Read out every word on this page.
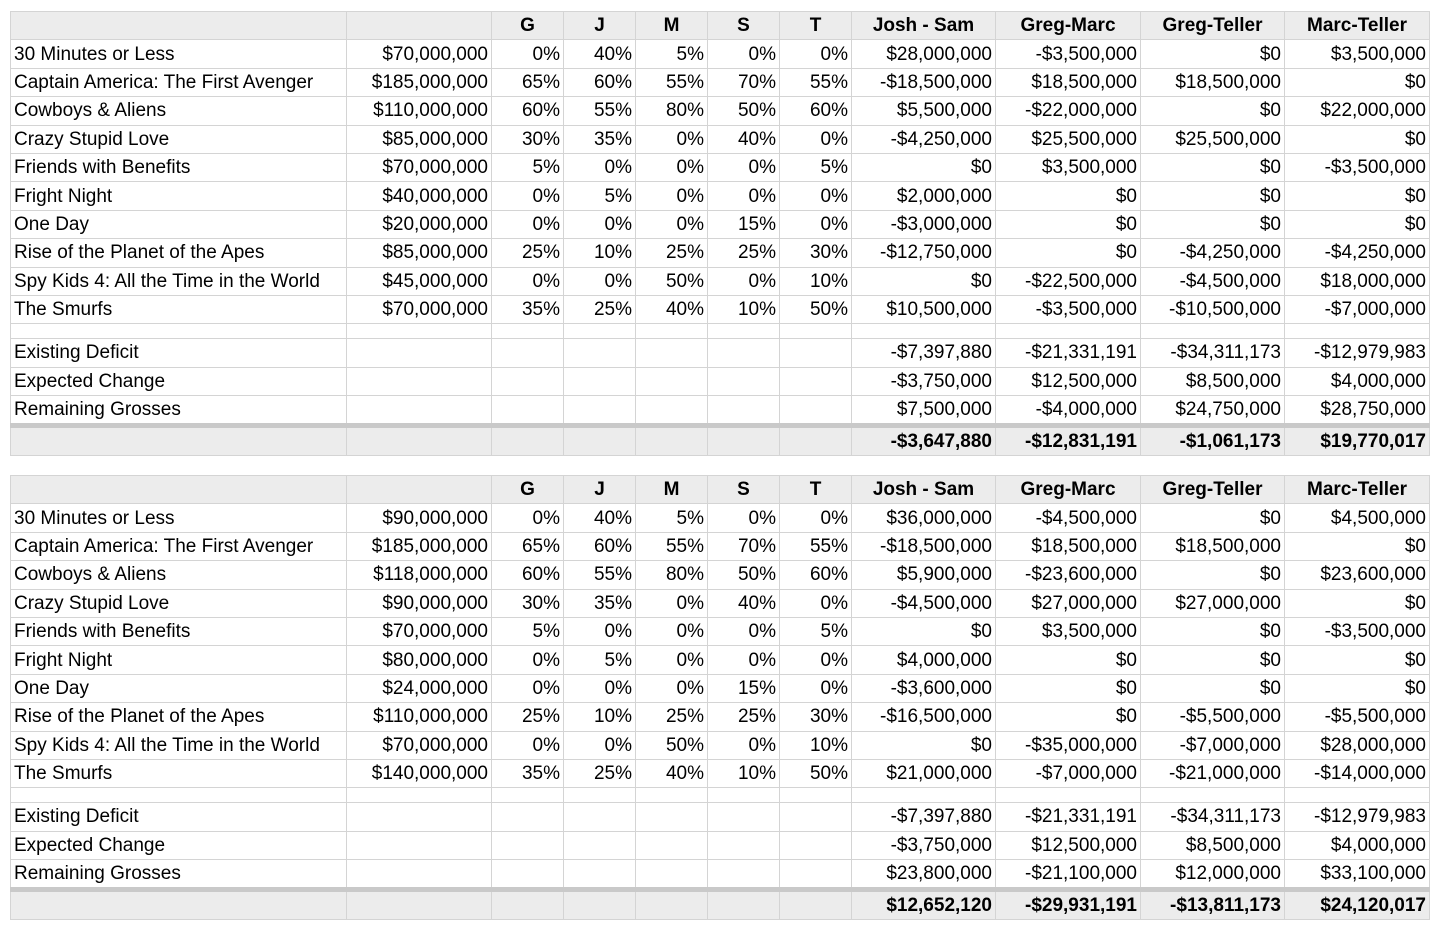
		G	J	M	S	T	Josh - Sam	Greg-Marc	Greg-Teller	Marc-Teller
30 Minutes or Less	$70,000,000	0%	40%	5%	0%	0%	$28,000,000	-$3,500,000	$0	$3,500,000
Captain America: The First Avenger	$185,000,000	65%	60%	55%	70%	55%	-$18,500,000	$18,500,000	$18,500,000	$0
Cowboys & Aliens	$110,000,000	60%	55%	80%	50%	60%	$5,500,000	-$22,000,000	$0	$22,000,000
Crazy Stupid Love	$85,000,000	30%	35%	0%	40%	0%	-$4,250,000	$25,500,000	$25,500,000	$0
Friends with Benefits	$70,000,000	5%	0%	0%	0%	5%	$0	$3,500,000	$0	-$3,500,000
Fright Night	$40,000,000	0%	5%	0%	0%	0%	$2,000,000	$0	$0	$0
One Day	$20,000,000	0%	0%	0%	15%	0%	-$3,000,000	$0	$0	$0
Rise of the Planet of the Apes	$85,000,000	25%	10%	25%	25%	30%	-$12,750,000	$0	-$4,250,000	-$4,250,000
Spy Kids 4: All the Time in the World	$45,000,000	0%	0%	50%	0%	10%	$0	-$22,500,000	-$4,500,000	$18,000,000
The Smurfs	$70,000,000	35%	25%	40%	10%	50%	$10,500,000	-$3,500,000	-$10,500,000	-$7,000,000

Existing Deficit							-$7,397,880	-$21,331,191	-$34,311,173	-$12,979,983
Expected Change							-$3,750,000	$12,500,000	$8,500,000	$4,000,000
Remaining Grosses							$7,500,000	-$4,000,000	$24,750,000	$28,750,000
							-$3,647,880	-$12,831,191	-$1,061,173	$19,770,017
		G	J	M	S	T	Josh - Sam	Greg-Marc	Greg-Teller	Marc-Teller
30 Minutes or Less	$90,000,000	0%	40%	5%	0%	0%	$36,000,000	-$4,500,000	$0	$4,500,000
Captain America: The First Avenger	$185,000,000	65%	60%	55%	70%	55%	-$18,500,000	$18,500,000	$18,500,000	$0
Cowboys & Aliens	$118,000,000	60%	55%	80%	50%	60%	$5,900,000	-$23,600,000	$0	$23,600,000
Crazy Stupid Love	$90,000,000	30%	35%	0%	40%	0%	-$4,500,000	$27,000,000	$27,000,000	$0
Friends with Benefits	$70,000,000	5%	0%	0%	0%	5%	$0	$3,500,000	$0	-$3,500,000
Fright Night	$80,000,000	0%	5%	0%	0%	0%	$4,000,000	$0	$0	$0
One Day	$24,000,000	0%	0%	0%	15%	0%	-$3,600,000	$0	$0	$0
Rise of the Planet of the Apes	$110,000,000	25%	10%	25%	25%	30%	-$16,500,000	$0	-$5,500,000	-$5,500,000
Spy Kids 4: All the Time in the World	$70,000,000	0%	0%	50%	0%	10%	$0	-$35,000,000	-$7,000,000	$28,000,000
The Smurfs	$140,000,000	35%	25%	40%	10%	50%	$21,000,000	-$7,000,000	-$21,000,000	-$14,000,000

Existing Deficit							-$7,397,880	-$21,331,191	-$34,311,173	-$12,979,983
Expected Change							-$3,750,000	$12,500,000	$8,500,000	$4,000,000
Remaining Grosses							$23,800,000	-$21,100,000	$12,000,000	$33,100,000
							$12,652,120	-$29,931,191	-$13,811,173	$24,120,017
